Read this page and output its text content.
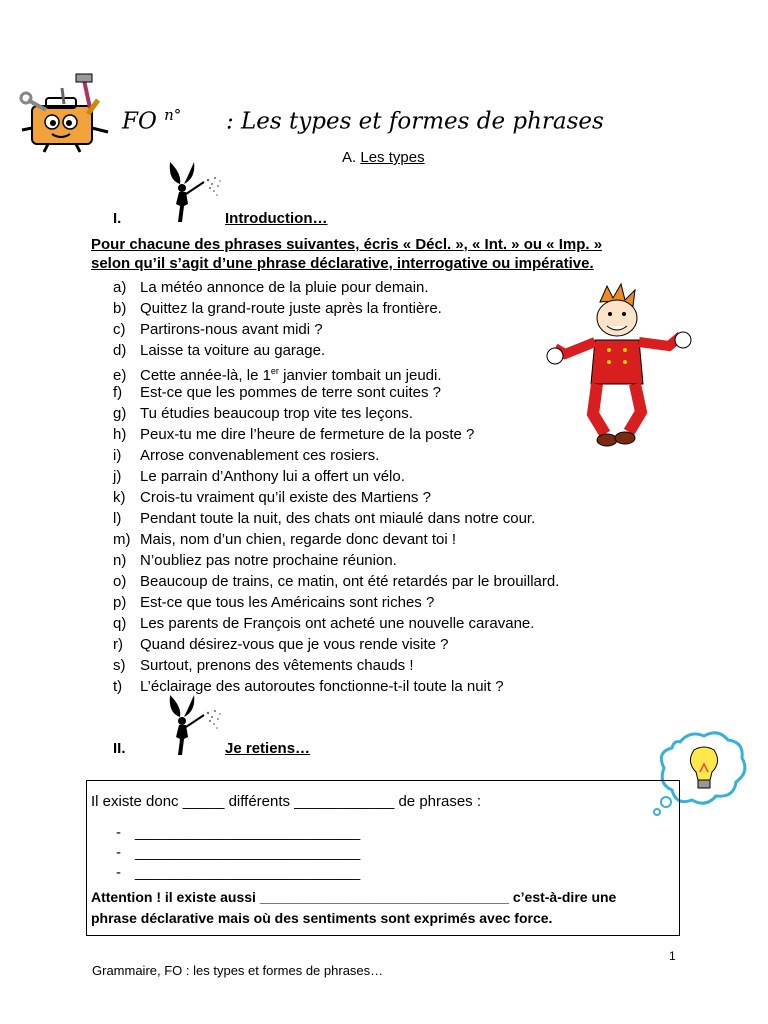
FO $^{n^\circ}$ : Les types et formes de phrases
A. Les types
I.	Introduction…
Pour chacune des phrases suivantes, écris « Décl. », « Int. » ou « Imp. »
selon qu’il s’agit d’une phrase déclarative, interrogative ou impérative.
a) La météo annonce de la pluie pour demain.
b) Quittez la grand-route juste après la frontière.
c) Partirons-nous avant midi ?
d) Laisse ta voiture au garage.
e) Cette année-là, le 1er janvier tombait un jeudi.
f) Est-ce que les pommes de terre sont cuites ?
g) Tu étudies beaucoup trop vite tes leçons.
h) Peux-tu me dire l’heure de fermeture de la poste ?
i) Arrose convenablement ces rosiers.
j) Le parrain d’Anthony lui a offert un vélo.
k) Crois-tu vraiment qu’il existe des Martiens ?
l) Pendant toute la nuit, des chats ont miaulé dans notre cour.
m) Mais, nom d’un chien, regarde donc devant toi !
n) N’oubliez pas notre prochaine réunion.
o) Beaucoup de trains, ce matin, ont été retardés par le brouillard.
p) Est-ce que tous les Américains sont riches ?
q) Les parents de François ont acheté une nouvelle caravane.
r) Quand désirez-vous que je vous rende visite ?
s) Surtout, prenons des vêtements chauds !
t) L’éclairage des autoroutes fonctionne-t-il toute la nuit ?
II.	Je retiens…
Il existe donc _____ différents ____________ de phrases :
- ___________________________
- ___________________________
- ___________________________
Attention ! il existe aussi ________________________________ c’est-à-dire une
phrase déclarative mais où des sentiments sont exprimés avec force.
1
Grammaire, FO : les types et formes de phrases…
